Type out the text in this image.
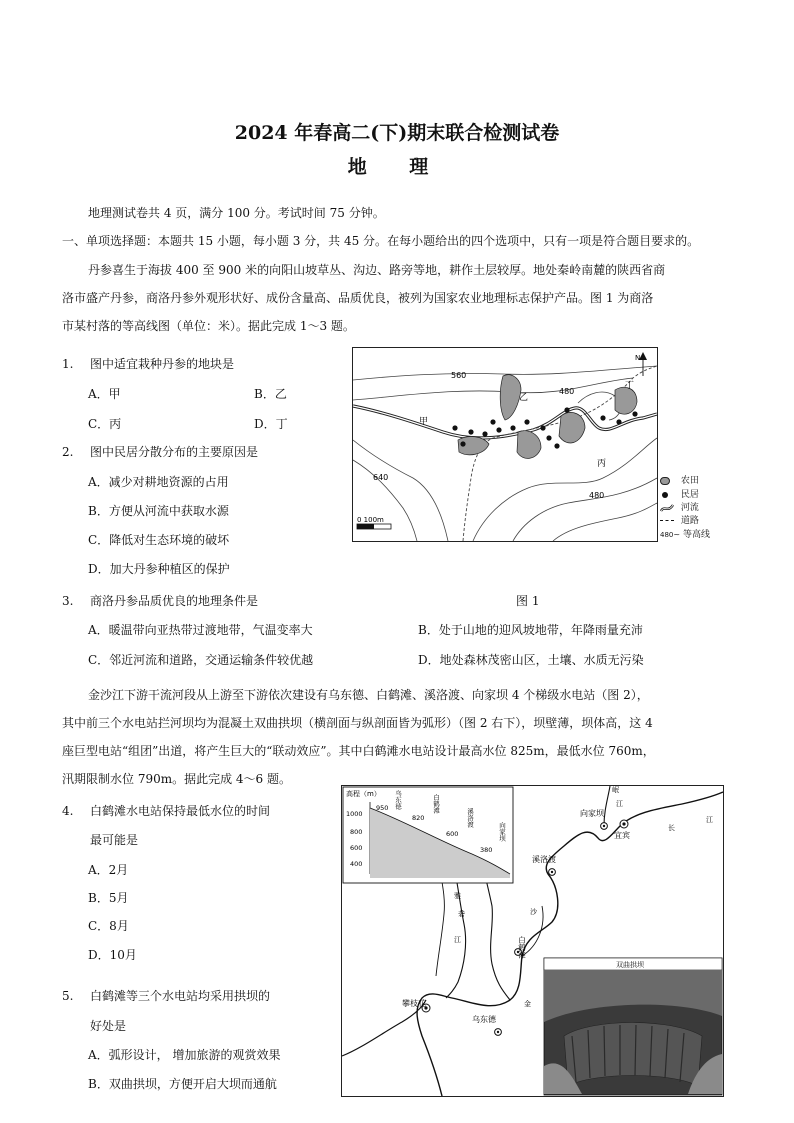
2024 年春高二(下)期末联合检测试卷
地 理
地理测试卷共 4 页，满分 100 分。考试时间 75 分钟。
一、单项选择题：本题共 15 小题，每小题 3 分，共 45 分。在每小题给出的四个选项中，只有一项是符合题目要求的。
丹参喜生于海拔 400 至 900 米的向阳山坡草丛、沟边、路旁等地，耕作土层较厚。地处秦岭南麓的陕西省商
洛市盛产丹参，商洛丹参外观形状好、成份含量高、品质优良，被列为国家农业地理标志保护产品。图 1 为商洛
市某村落的等高线图（单位：米）。据此完成 1～3 题。
1. 图中适宜栽种丹参的地块是
A．甲	B．乙
C．丙	D．丁
2. 图中民居分散分布的主要原因是
A．减少对耕地资源的占用
B．方便从河流中获取水源
C．降低对生态环境的破坏
D．加大丹参种植区的保护
3. 商洛丹参品质优良的地理条件是
A．暖温带向亚热带过渡地带，气温变率大	B．处于山地的迎风坡地带，年降雨量充沛
C．邻近河流和道路，交通运输条件较优越	D．地处森林茂密山区，土壤、水质无污染
560
480
640
480
甲
乙
丙
丁
N
0 100m
农田
民居
河流
道路
480~ 等高线
图 1
金沙江下游干流河段从上游至下游依次建设有乌东德、白鹤滩、溪洛渡、向家坝 4 个梯级水电站（图 2），
其中前三个水电站拦河坝均为混凝土双曲拱坝（横剖面与纵剖面皆为弧形）（图 2 右下），坝壁薄，坝体高，这 4
座巨型电站“组团”出道，将产生巨大的“联动效应”。其中白鹤滩水电站设计最高水位 825m，最低水位 760m，
汛期限制水位 790m。据此完成 4～6 题。
4. 白鹤滩水电站保持最低水位的时间
最可能是
A．2月
B．5月
C．8月
D．10月
5. 白鹤滩等三个水电站均采用拱坝的
好处是
A．弧形设计， 增加旅游的观赏效果
B．双曲拱坝，方便开启大坝而通航
高程（m）
1000
800
600
400
950
820
600
380
乌东德	白鹤滩
溪洛渡
向家坝
向家坝
宜宾
溪洛渡
攀枝花
乌东德
岷
江
长
江
沙
金
雅
砻
江	白鹤滩
双曲拱坝
